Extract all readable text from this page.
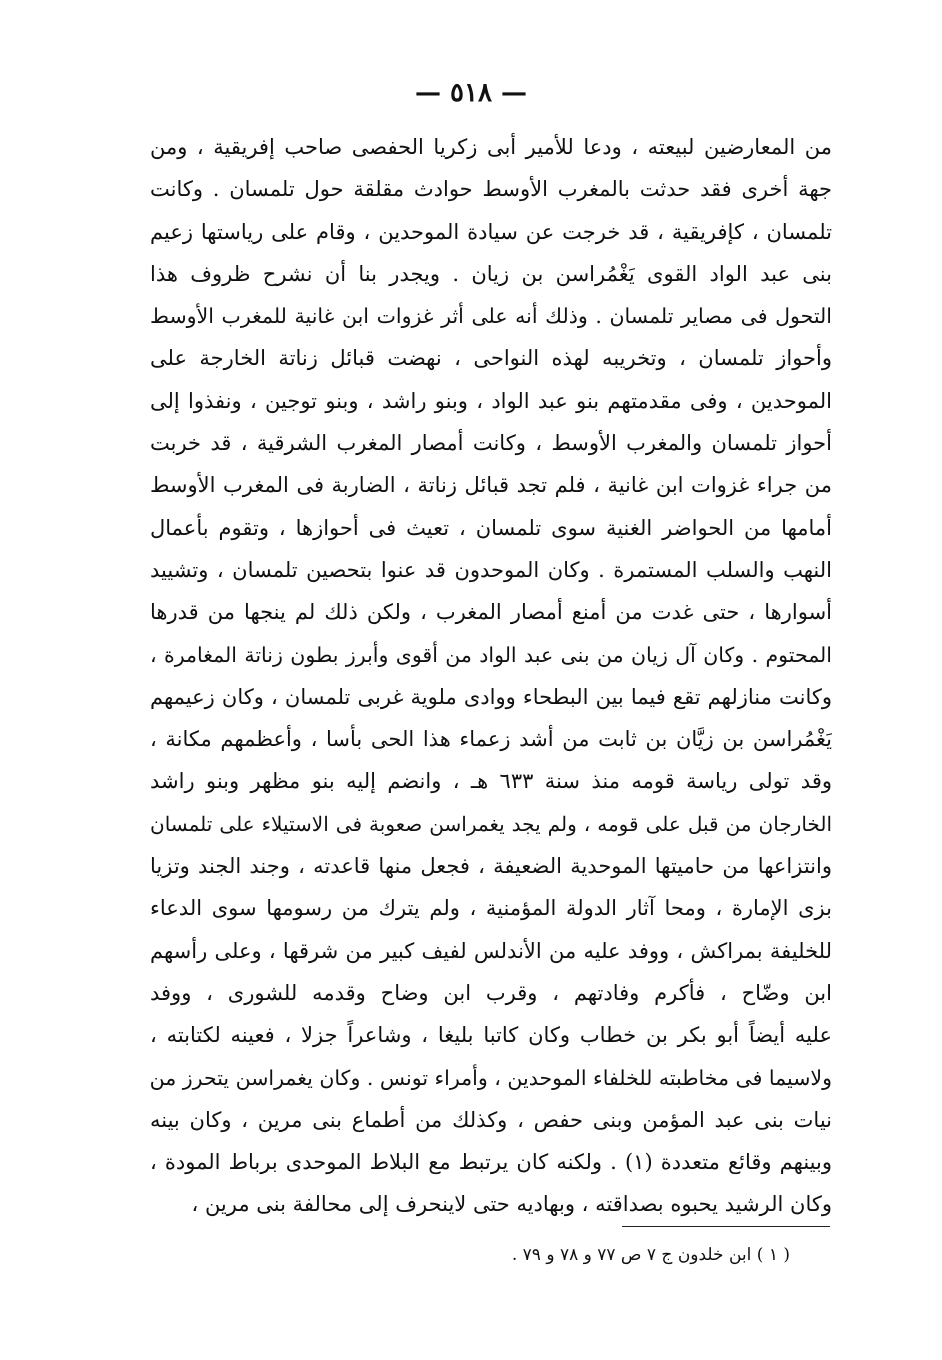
— ٥١٨ —
من المعارضين لبيعته ، ودعا للأمير أبى زكريا الحفصى صاحب إفريقية ، ومن
جهة أخرى فقد حدثت بالمغرب الأوسط حوادث مقلقة حول تلمسان . وكانت
تلمسان ، كإفريقية ، قد خرجت عن سيادة الموحدين ، وقام على رياستها زعيم
بنى عبد الواد القوى يَغْمُراسن بن زيان . ويجدر بنا أن نشرح ظروف هذا
التحول فى مصاير تلمسان . وذلك أنه على أثر غزوات ابن غانية للمغرب الأوسط
وأحواز تلمسان ، وتخريبه لهذه النواحى ، نهضت قبائل زناتة الخارجة على
الموحدين ، وفى مقدمتهم بنو عبد الواد ، وبنو راشد ، وبنو توجين ، ونفذوا إلى
أحواز تلمسان والمغرب الأوسط ، وكانت أمصار المغرب الشرقية ، قد خربت
من جراء غزوات ابن غانية ، فلم تجد قبائل زناتة ، الضاربة فى المغرب الأوسط
أمامها من الحواضر الغنية سوى تلمسان ، تعيث فى أحوازها ، وتقوم بأعمال
النهب والسلب المستمرة . وكان الموحدون قد عنوا بتحصين تلمسان ، وتشييد
أسوارها ، حتى غدت من أمنع أمصار المغرب ، ولكن ذلك لم ينجها من قدرها
المحتوم . وكان آل زيان من بنى عبد الواد من أقوى وأبرز بطون زناتة المغامرة ،
وكانت منازلهم تقع فيما بين البطحاء ووادى ملوية غربى تلمسان ، وكان زعيمهم
يَغْمُراسن بن زيَّان بن ثابت من أشد زعماء هذا الحى بأسا ، وأعظمهم مكانة ،
وقد تولى رياسة قومه منذ سنة ٦٣٣ هـ ، وانضم إليه بنو مظهر وبنو راشد
الخارجان من قبل على قومه ، ولم يجد يغمراسن صعوبة فى الاستيلاء على تلمسان
وانتزاعها من حاميتها الموحدية الضعيفة ، فجعل منها قاعدته ، وجند الجند وتزيا
بزى الإمارة ، ومحا آثار الدولة المؤمنية ، ولم يترك من رسومها سوى الدعاء
للخليفة بمراكش ، ووفد عليه من الأندلس لفيف كبير من شرقها ، وعلى رأسهم
ابن وضّاح ، فأكرم وفادتهم ، وقرب ابن وضاح وقدمه للشورى ، ووفد
عليه أيضاً أبو بكر بن خطاب وكان كاتبا بليغا ، وشاعراً جزلا ، فعينه لكتابته ،
ولاسيما فى مخاطبته للخلفاء الموحدين ، وأمراء تونس . وكان يغمراسن يتحرز من
نيات بنى عبد المؤمن وبنى حفص ، وكذلك من أطماع بنى مرين ، وكان بينه
وبينهم وقائع متعددة (١) . ولكنه كان يرتبط مع البلاط الموحدى برباط المودة ،
وكان الرشيد يحبوه بصداقته ، وبهاديه حتى لاينحرف إلى محالفة بنى مرين ،
( ١ ) ابن خلدون ج ٧ ص ٧٧ و ٧٨ و ٧٩ .
